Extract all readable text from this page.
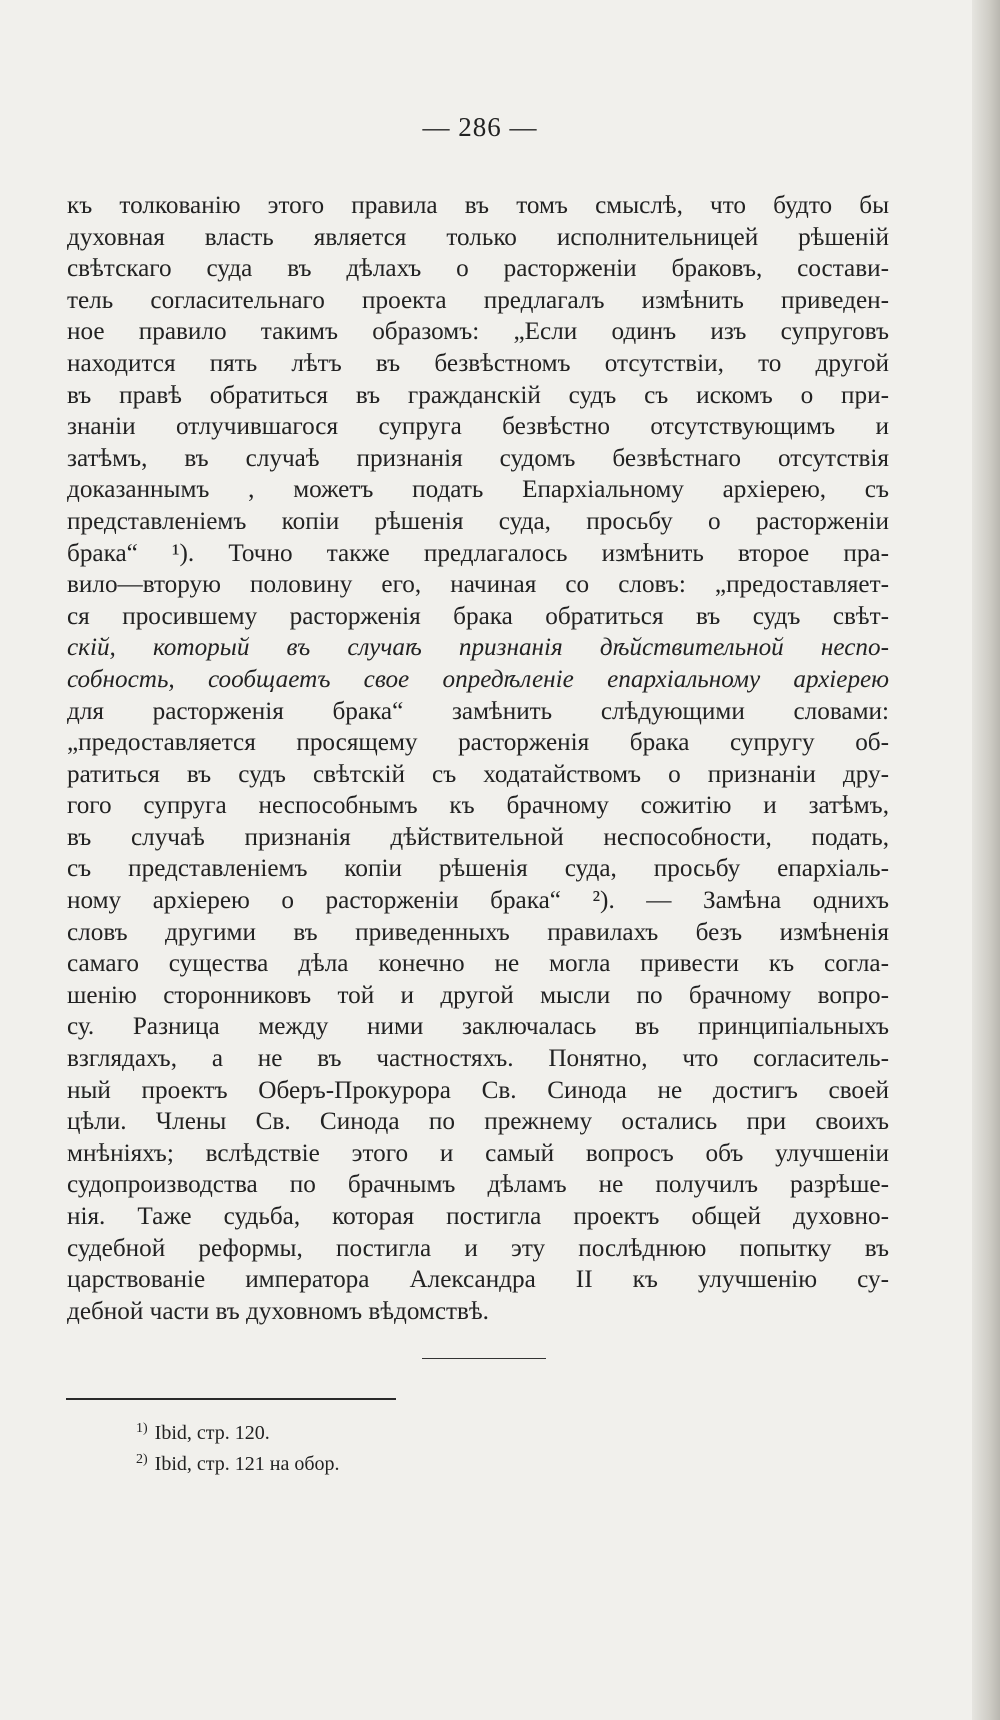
— 286 —
къ толкованію этого правила въ томъ смыслѣ, что будто бы
духовная власть является только исполнительницей рѣшеній
свѣтскаго суда въ дѣлахъ о расторженіи браковъ, состави-
тель согласительнаго проекта предлагалъ измѣнить приведен-
ное правило такимъ образомъ: „Если одинъ изъ супруговъ
находится пять лѣтъ въ безвѣстномъ отсутствіи, то другой
въ правѣ обратиться въ гражданскій судъ съ искомъ о при-
знаніи отлучившагося супруга безвѣстно отсутствующимъ и
затѣмъ, въ случаѣ признанія судомъ безвѣстнаго отсутствія
доказаннымъ , можетъ подать Епархіальному архіерею, съ
представленіемъ копіи рѣшенія суда, просьбу о расторженіи
брака“ ¹). Точно также предлагалось измѣнить второе пра-
вило—вторую половину его, начиная со словъ: „предоставляет-
ся просившему расторженія брака обратиться въ судъ свѣт-
скій, который въ случаѣ признанія дѣйствительной неспо-
собность, сообщаетъ свое опредѣленіе епархіальному архіерею
для расторженія брака“ замѣнить слѣдующими словами:
„предоставляется просящему расторженія брака супругу об-
ратиться въ судъ свѣтскій съ ходатайствомъ о признаніи дру-
гого супруга неспособнымъ къ брачному сожитію и затѣмъ,
въ случаѣ признанія дѣйствительной неспособности, подать,
съ представленіемъ копіи рѣшенія суда, просьбу епархіаль-
ному архіерею о расторженіи брака“ ²). — Замѣна однихъ
словъ другими въ приведенныхъ правилахъ безъ измѣненія
самаго существа дѣла конечно не могла привести къ согла-
шенію сторонниковъ той и другой мысли по брачному вопро-
су. Разница между ними заключалась въ принципіальныхъ
взглядахъ, а не въ частностяхъ. Понятно, что согласитель-
ный проектъ Оберъ-Прокурора Св. Синода не достигъ своей
цѣли. Члены Св. Синода по прежнему остались при своихъ
мнѣніяхъ; вслѣдствіе этого и самый вопросъ объ улучшеніи
судопроизводства по брачнымъ дѣламъ не получилъ разрѣше-
нія. Таже судьба, которая постигла проектъ общей духовно-
судебной реформы, постигла и эту послѣднюю попытку въ
царствованіе императора Александра II къ улучшенію су-
дебной части въ духовномъ вѣдомствѣ.
$^{1)}$ Ibid, стр. 120.
$^{2)}$ Ibid, стр. 121 на обор.
